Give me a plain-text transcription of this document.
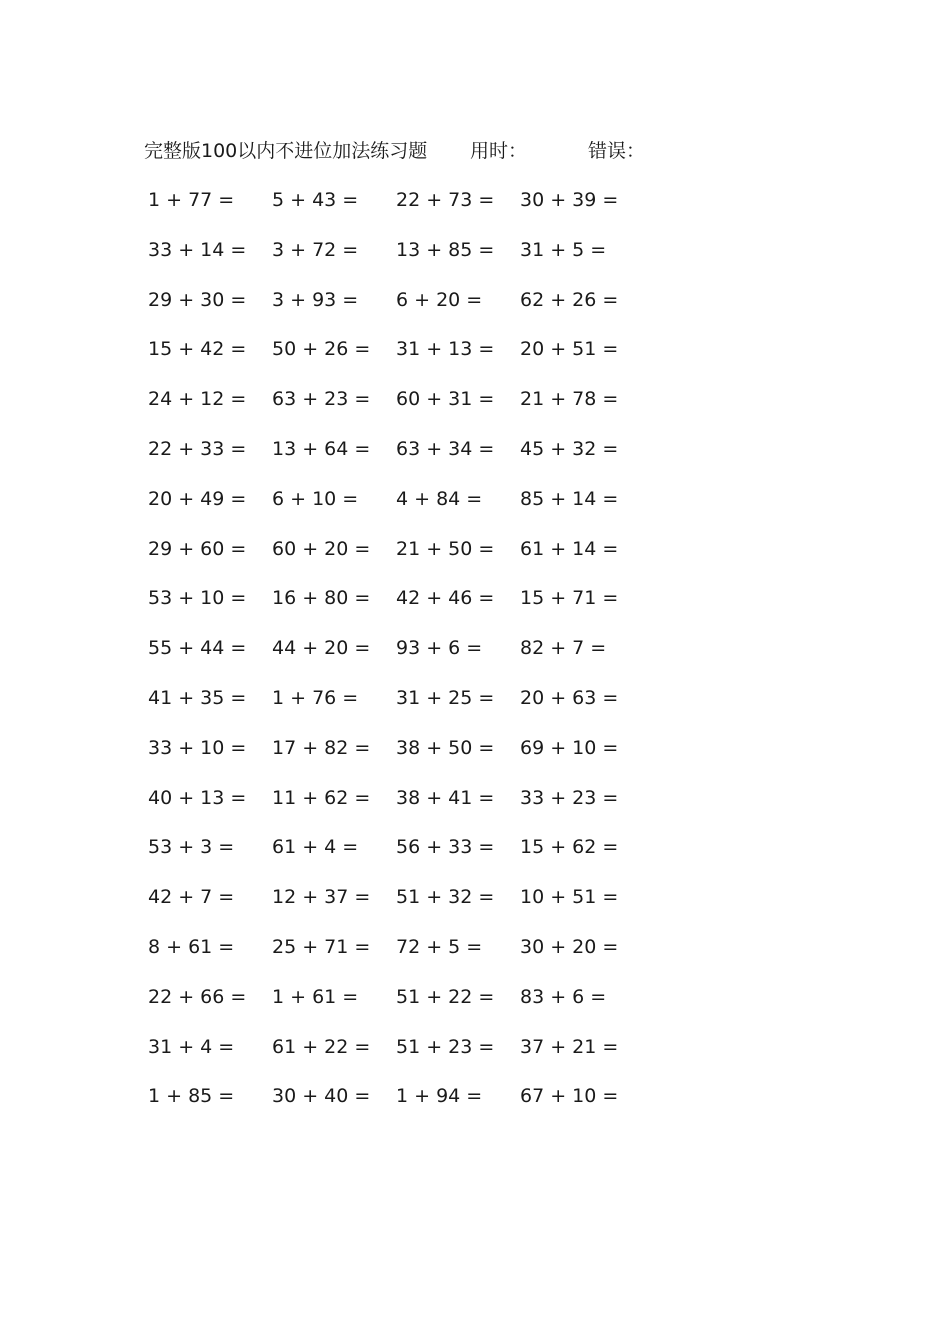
完整版100以内不进位加法练习题 用时：	错误：
1 + 77 =	5 + 43 =	22 + 73 =	30 + 39 =
33 + 14 =	3 + 72 =	13 + 85 =	31 + 5 =
29 + 30 =	3 + 93 =	6 + 20 =	62 + 26 =
15 + 42 =	50 + 26 =	31 + 13 =	20 + 51 =
24 + 12 =	63 + 23 =	60 + 31 =	21 + 78 =
22 + 33 =	13 + 64 =	63 + 34 =	45 + 32 =
20 + 49 =	6 + 10 =	4 + 84 =	85 + 14 =
29 + 60 =	60 + 20 =	21 + 50 =	61 + 14 =
53 + 10 =	16 + 80 =	42 + 46 =	15 + 71 =
55 + 44 =	44 + 20 =	93 + 6 =	82 + 7 =
41 + 35 =	1 + 76 =	31 + 25 =	20 + 63 =
33 + 10 =	17 + 82 =	38 + 50 =	69 + 10 =
40 + 13 =	11 + 62 =	38 + 41 =	33 + 23 =
53 + 3 =	61 + 4 =	56 + 33 =	15 + 62 =
42 + 7 =	12 + 37 =	51 + 32 =	10 + 51 =
8 + 61 =	25 + 71 =	72 + 5 =	30 + 20 =
22 + 66 =	1 + 61 =	51 + 22 =	83 + 6 =
31 + 4 =	61 + 22 =	51 + 23 =	37 + 21 =
1 + 85 =	30 + 40 =	1 + 94 =	67 + 10 =
